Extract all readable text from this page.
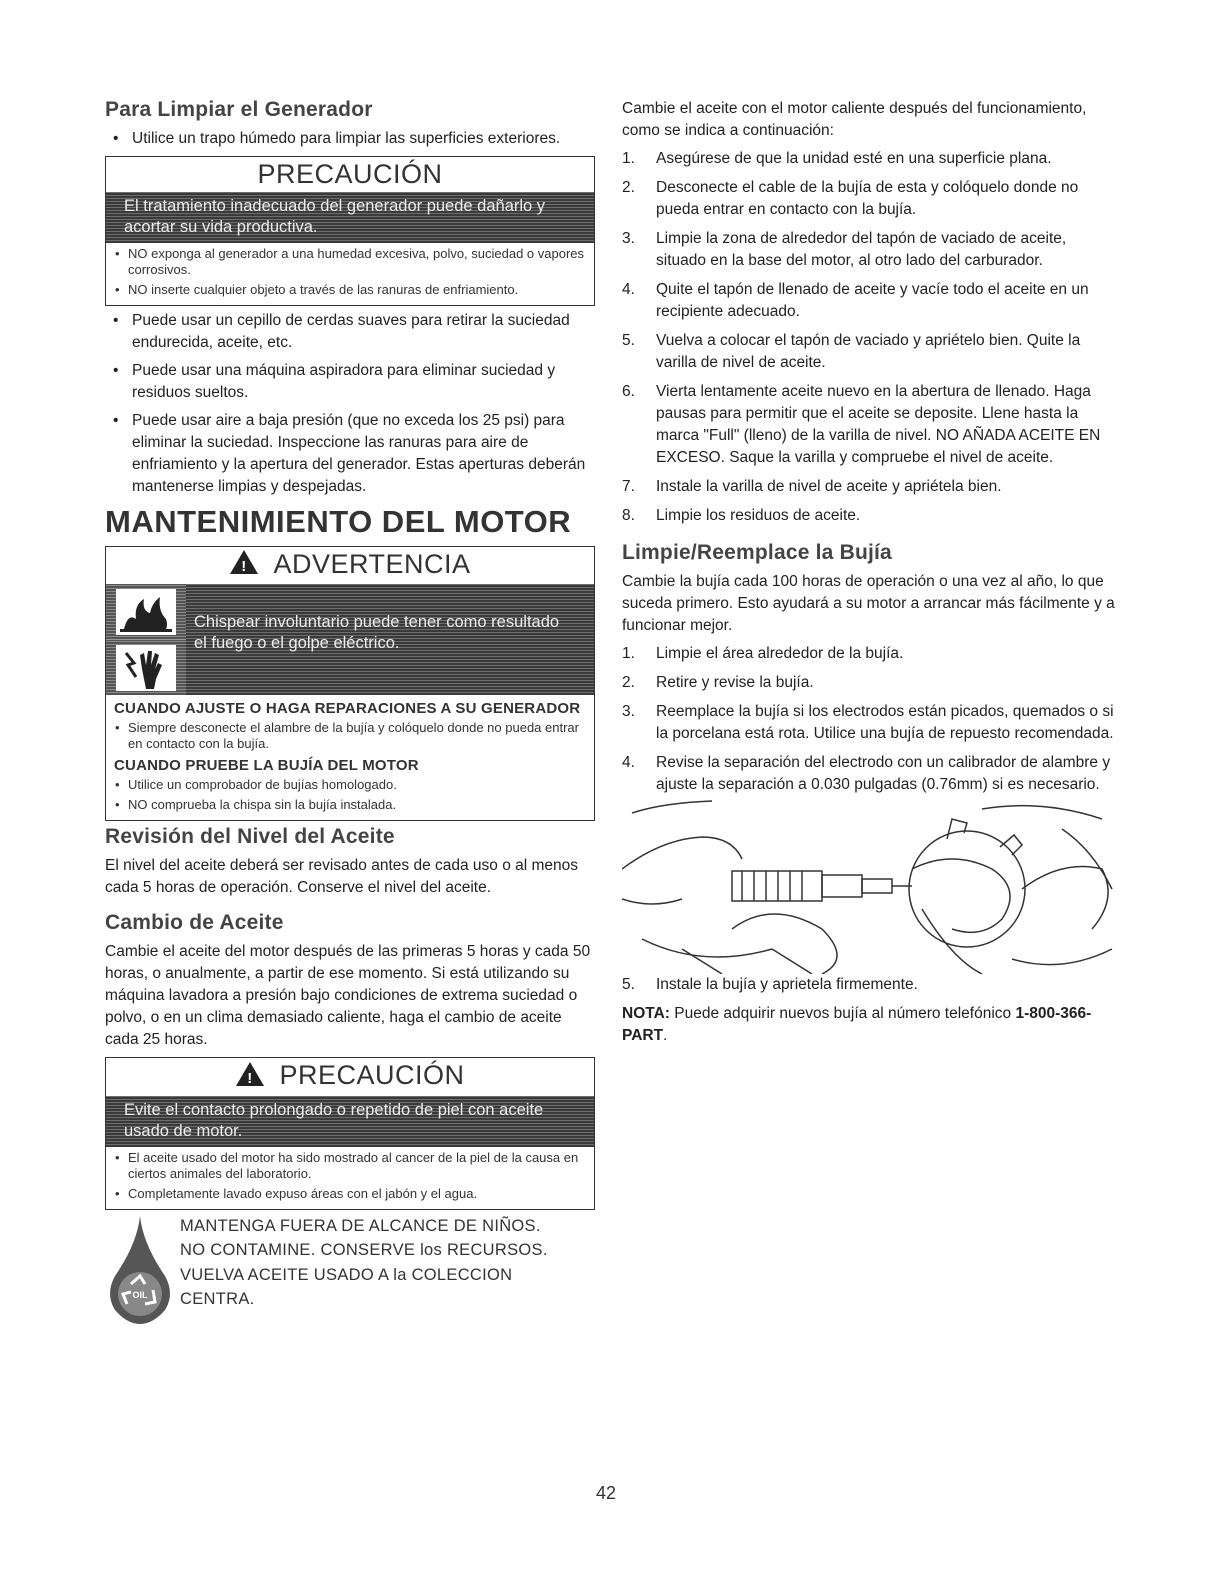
Para Limpiar el Generador
• Utilice un trapo húmedo para limpiar las superficies exteriores.
PRECAUCIÓN
El tratamiento inadecuado del generador puede dañarlo y acortar su vida productiva.
• NO exponga al generador a una humedad excesiva, polvo, suciedad o vapores corrosivos.
• NO inserte cualquier objeto a través de las ranuras de enfriamiento.
• Puede usar un cepillo de cerdas suaves para retirar la suciedad endurecida, aceite, etc.
• Puede usar una máquina aspiradora para eliminar suciedad y residuos sueltos.
• Puede usar aire a baja presión (que no exceda los 25 psi) para eliminar la suciedad. Inspeccione las ranuras para aire de enfriamiento y la apertura del generador. Estas aperturas deberán mantenerse limpias y despejadas.
MANTENIMIENTO DEL MOTOR
! ADVERTENCIA
Chispear involuntario puede tener como resultado el fuego o el golpe eléctrico.
CUANDO AJUSTE O HAGA REPARACIONES A SU GENERADOR
• Siempre desconecte el alambre de la bujía y colóquelo donde no pueda entrar en contacto con la bujía.
CUANDO PRUEBE LA BUJÍA DEL MOTOR
• Utilice un comprobador de bujías homologado.
• NO comprueba la chispa sin la bujía instalada.
Revisión del Nivel del Aceite

El nivel del aceite deberá ser revisado antes de cada uso o al menos cada 5 horas de operación. Conserve el nivel del aceite.

Cambio de Aceite

Cambie el aceite del motor después de las primeras 5 horas y cada 50 horas, o anualmente, a partir de ese momento. Si está utilizando su máquina lavadora a presión bajo condiciones de extrema suciedad o polvo, o en un clima demasiado caliente, haga el cambio de aceite cada 25 horas.

! PRECAUCIÓN
Evite el contacto prolongado o repetido de piel con aceite usado de motor.
• El aceite usado del motor ha sido mostrado al cancer de la piel de la causa en ciertos animales del laboratorio.
• Completamente lavado expuso áreas con el jabón y el agua.
OIL
MANTENGA FUERA DE ALCANCE DE NIÑOS.
NO CONTAMINE. CONSERVE los RECURSOS.
VUELVA ACEITE USADO A la COLECCION
CENTRA.

Cambie el aceite con el motor caliente después del funcionamiento, como se indica a continuación:

1.	Asegúrese de que la unidad esté en una superficie plana.
2.	Desconecte el cable de la bujía de esta y colóquelo donde no pueda entrar en contacto con la bujía.
3.	Limpie la zona de alrededor del tapón de vaciado de aceite, situado en la base del motor, al otro lado del carburador.
4.	Quite el tapón de llenado de aceite y vacíe todo el aceite en un recipiente adecuado.
5.	Vuelva a colocar el tapón de vaciado y apriételo bien. Quite la varilla de nivel de aceite.
6.	Vierta lentamente aceite nuevo en la abertura de llenado. Haga pausas para permitir que el aceite se deposite. Llene hasta la marca "Full" (lleno) de la varilla de nivel. NO AÑADA ACEITE EN EXCESO. Saque la varilla y compruebe el nivel de aceite.
7.	Instale la varilla de nivel de aceite y apriétela bien.
8.	Limpie los residuos de aceite.
Limpie/Reemplace la Bujía

Cambie la bujía cada 100 horas de operación o una vez al año, lo que suceda primero. Esto ayudará a su motor a arrancar más fácilmente y a funcionar mejor.

1.	Limpie el área alrededor de la bujía.
2.	Retire y revise la bujía.
3.	Reemplace la bujía si los electrodos están picados, quemados o si la porcelana está rota. Utilice una bujía de repuesto recomendada.
4.	Revise la separación del electrodo con un calibrador de alambre y ajuste la separación a 0.030 pulgadas (0.76mm) si es necesario.
5.	Instale la bujía y aprietela firmemente.

NOTA: Puede adquirir nuevos bujía al número telefónico 1-800-366-PART.

42
